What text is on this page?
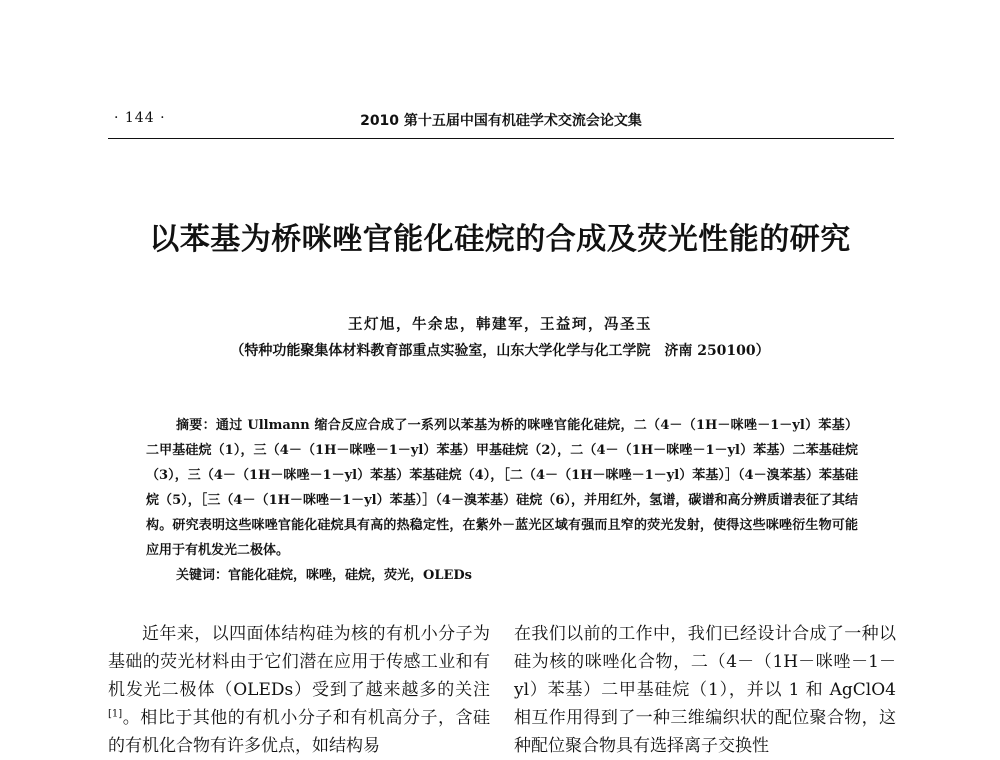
· 144 ·	2010 第十五届中国有机硅学术交流会论文集
以苯基为桥咪唑官能化硅烷的合成及荧光性能的研究
王灯旭，牛余忠，韩建军，王益珂，冯圣玉
（特种功能聚集体材料教育部重点实验室，山东大学化学与化工学院　济南 250100）
摘要：通过 Ullmann 缩合反应合成了一系列以苯基为桥的咪唑官能化硅烷，二（4－（1H－咪唑－1－yl）苯基）二甲基硅烷（1），三（4－（1H－咪唑－1－yl）苯基）甲基硅烷（2），二（4－（1H－咪唑－1－yl）苯基）二苯基硅烷（3），三（4－（1H－咪唑－1－yl）苯基）苯基硅烷（4），［二（4－（1H－咪唑－1－yl）苯基）］（4－溴苯基）苯基硅烷（5），［三（4－（1H－咪唑－1－yl）苯基）］（4－溴苯基）硅烷（6），并用红外，氢谱，碳谱和高分辨质谱表征了其结构。研究表明这些咪唑官能化硅烷具有高的热稳定性，在紫外－蓝光区域有强而且窄的荧光发射，使得这些咪唑衍生物可能应用于有机发光二极体。
关键词：官能化硅烷，咪唑，硅烷，荧光，OLEDs
近年来，以四面体结构硅为核的有机小分子为基础的荧光材料由于它们潜在应用于传感工业和有机发光二极体（OLEDs）受到了越来越多的关注[1]。相比于其他的有机小分子和有机高分子，含硅的有机化合物有许多优点，如结构易
在我们以前的工作中，我们已经设计合成了一种以硅为核的咪唑化合物，二（4－（1H－咪唑－1－yl）苯基）二甲基硅烷（1），并以 1 和 AgClO4 相互作用得到了一种三维编织状的配位聚合物，这种配位聚合物具有选择离子交换性
